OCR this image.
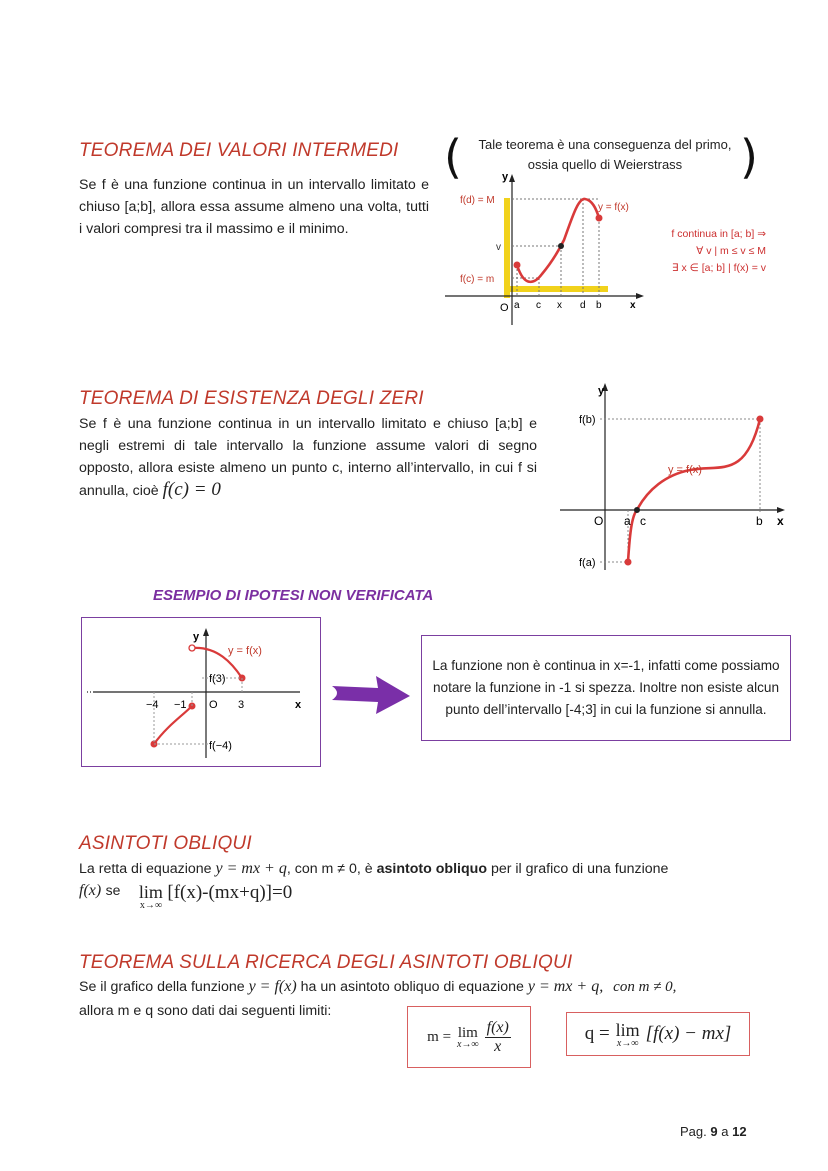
TEOREMA DEI VALORI INTERMEDI
Se f è una funzione continua in un intervallo limitato e chiuso [a;b], allora essa assume almeno una volta, tutti i valori compresi tra il massimo e il minimo.
(	)
Tale teorema è una conseguenza del primo,
ossia quello di Weierstrass
y
f(d) = M
v
f(c) = m
O a c x d b	x
y = f(x)
f continua in [a; b] ⇒
∀ v | m ≤ v ≤ M
∃ x ∈ [a; b] | f(x) = v
TEOREMA DI ESISTENZA DEGLI ZERI
Se f è una funzione continua in un intervallo limitato e chiuso [a;b] e negli estremi di tale intervallo la funzione assume valori di segno opposto, allora esiste almeno un punto c, interno all’intervallo, in cui f si annulla, cioè f(c) = 0
y
f(b)
f(a)
O a c	b x
y = f(x)
ESEMPIO DI IPOTESI NON VERIFICATA
y
y = f(x)
f(3)
f(−4)
−4 −1 O 3	x
La funzione non è continua in x=-1, infatti come possiamo notare la funzione in -1 si spezza. Inoltre non esiste alcun punto dell’intervallo [-4;3] in cui la funzione si annulla.
ASINTOTI OBLIQUI
La retta di equazione y = mx + q, con m ≠ 0, è asintoto obliquo per il grafico di una funzione
f(x) se lim
x→∞
[f(x)-(mx+q)]=0
TEOREMA SULLA RICERCA DEGLI ASINTOTI OBLIQUI
Se il grafico della funzione y = f(x) ha un asintoto obliquo di equazione y = mx + q, con m ≠ 0,
allora m e q sono dati dai seguenti limiti:
m = lim
$x\to\infty \frac{f(x)}{x}$	q = lim
x→∞ [f(x) − mx]
Pag. 9 a 12
